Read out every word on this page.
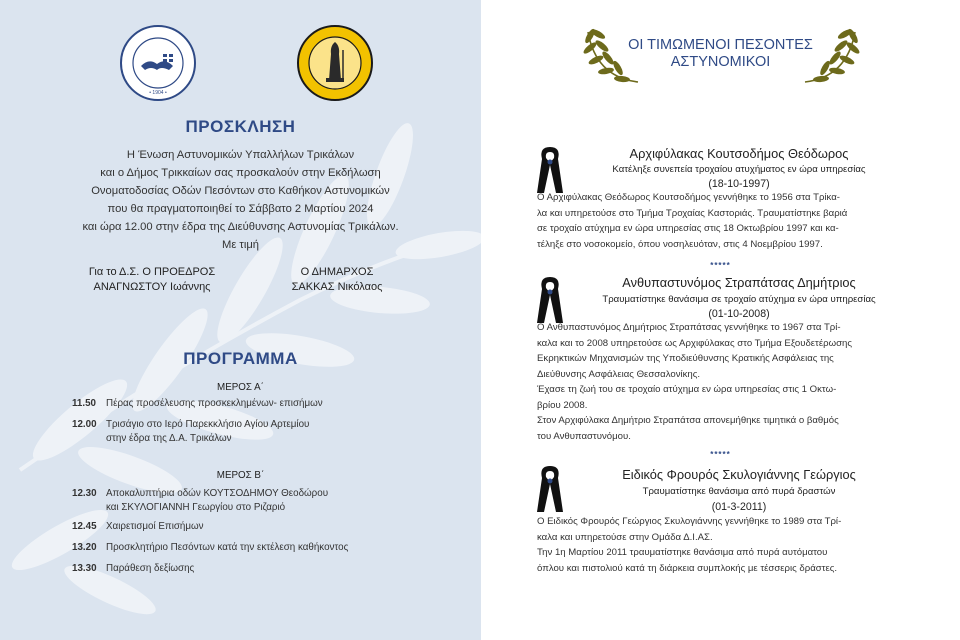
• 1904 •
ΠΡΟΣΚΛΗΣΗ
Η Ένωση Αστυνομικών Υπαλλήλων Τρικάλων
και ο Δήμος Τρικκαίων σας προσκαλούν στην Εκδήλωση
Ονοματοδοσίας Οδών Πεσόντων στο Καθήκον Αστυνομικών
που θα πραγματοποιηθεί το Σάββατο 2 Μαρτίου 2024
και ώρα 12.00 στην έδρα της Διεύθυνσης Αστυνομίας Τρικάλων.
Με τιμή
Για το Δ.Σ. Ο ΠΡΟΕΔΡΟΣ
ΑΝΑΓΝΩΣΤΟΥ Ιωάννης
Ο ΔΗΜΑΡΧΟΣ
ΣΑΚΚΑΣ Νικόλαος
ΠΡΟΓΡΑΜΜΑ
ΜΕΡΟΣ Α΄
11.50	Πέρας προσέλευσης προσκεκλημένων- επισήμων
12.00 Τρισάγιο στο Ιερό Παρεκκλήσιο Αγίου Αρτεμίου
στην έδρα της Δ.Α. Τρικάλων
ΜΕΡΟΣ Β΄
12.30 Αποκαλυπτήρια οδών ΚΟΥΤΣΟΔΗΜΟΥ Θεοδώρου
και ΣΚΥΛΟΓΙΑΝΝΗ Γεωργίου στο Ριζαριό
12.45 Χαιρετισμοί Επισήμων
13.20 Προσκλητήριο Πεσόντων κατά την εκτέλεση καθήκοντος
13.30 Παράθεση δεξίωσης
ΟΙ ΤΙΜΩΜΕΝΟΙ ΠΕΣΟΝΤΕΣ
ΑΣΤΥΝΟΜΙΚΟΙ
Αρχιφύλακας Κουτσοδήμος Θεόδωρος
Κατέληξε συνεπεία τροχαίου ατυχήματος εν ώρα υπηρεσίας
(18-10-1997)
Ο Αρχιφύλακας Θεόδωρος Κουτσοδήμος γεννήθηκε το 1956 στα Τρίκα-
λα και υπηρετούσε στο Τμήμα Τροχαίας Καστοριάς. Τραυματίστηκε βαριά
σε τροχαίο ατύχημα εν ώρα υπηρεσίας στις 18 Οκτωβρίου 1997 και κα-
τέληξε στο νοσοκομείο, όπου νοσηλευόταν, στις 4 Νοεμβρίου 1997.
*****
Ανθυπαστυνόμος Στραπάτσας Δημήτριος
Τραυματίστηκε θανάσιμα σε τροχαίο ατύχημα εν ώρα υπηρεσίας
(01-10-2008)
Ο Ανθυπαστυνόμος Δημήτριος Στραπάτσας γεννήθηκε το 1967 στα Τρί-
καλα και το 2008 υπηρετούσε ως Αρχιφύλακας στο Τμήμα Εξουδετέρωσης
Εκρηκτικών Μηχανισμών της Υποδιεύθυνσης Κρατικής Ασφάλειας της
Διεύθυνσης Ασφάλειας Θεσσαλονίκης.
Έχασε τη ζωή του σε τροχαίο ατύχημα εν ώρα υπηρεσίας στις 1 Οκτω-
βρίου 2008.
Στον Αρχιφύλακα Δημήτριο Στραπάτσα απονεμήθηκε τιμητικά ο βαθμός
του Ανθυπαστυνόμου.
*****
Ειδικός Φρουρός Σκυλογιάννης Γεώργιος
Τραυματίστηκε θανάσιμα από πυρά δραστών
(01-3-2011)
Ο Ειδικός Φρουρός Γεώργιος Σκυλογιάννης γεννήθηκε το 1989 στα Τρί-
καλα και υπηρετούσε στην Ομάδα Δ.Ι.ΑΣ.
Την 1η Μαρτίου 2011 τραυματίστηκε θανάσιμα από πυρά αυτόματου
όπλου και πιστολιού κατά τη διάρκεια συμπλοκής με τέσσερις δράστες.
